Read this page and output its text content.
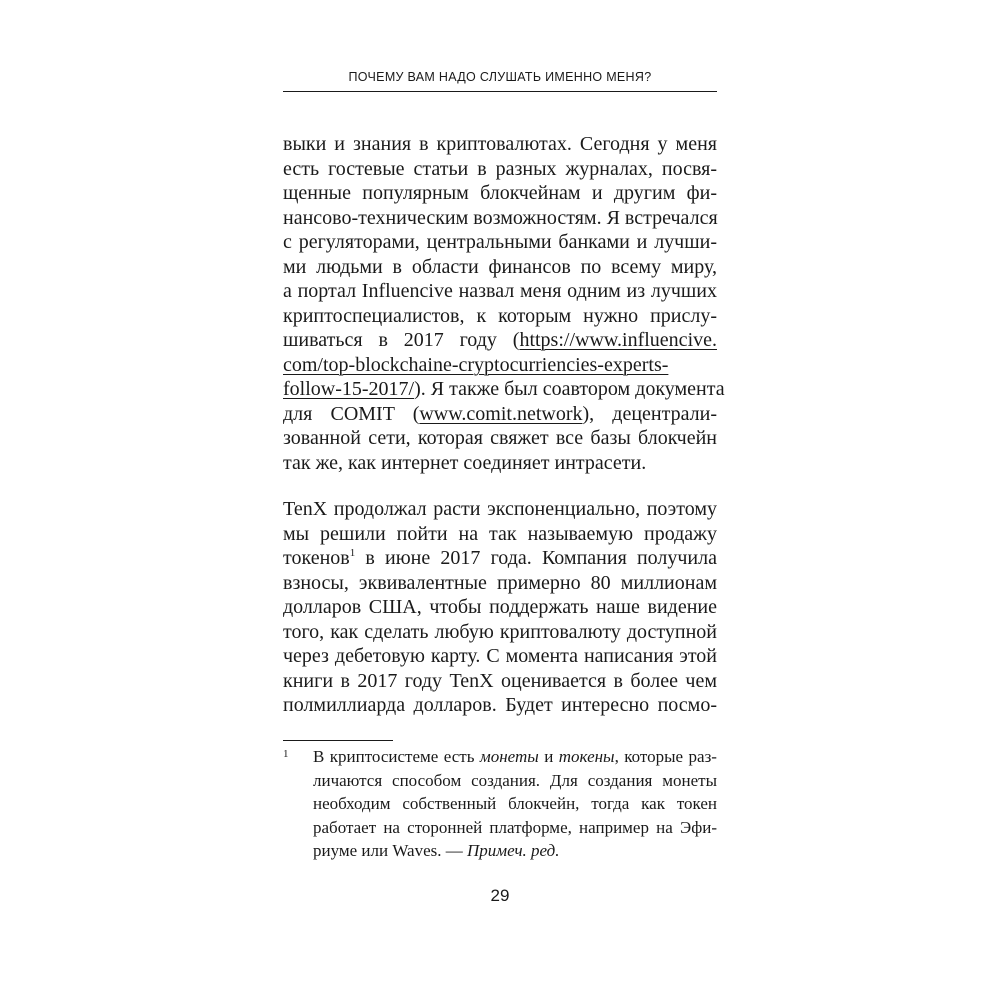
ПОЧЕМУ ВАМ НАДО СЛУШАТЬ ИМЕННО МЕНЯ?
выки и знания в криптовалютах. Сегодня у меня
есть гостевые статьи в разных журналах, посвя-
щенные популярным блокчейнам и другим фи-
нансово-техническим возможностям. Я встречался
с регуляторами, центральными банками и лучши-
ми людьми в области финансов по всему миру,
а портал Influencive назвал меня одним из лучших
криптоспециалистов, к которым нужно прислу-
шиваться в 2017 году (https://www.influencive.
com/top-blockchaine-cryptocurriencies-experts-
follow-15-2017/). Я также был соавтором документа
для COMIT (www.comit.network), децентрали-
зованной сети, которая свяжет все базы блокчейн
так же, как интернет соединяет интрасети.
TenX продолжал расти экспоненциально, поэтому
мы решили пойти на так называемую продажу
токенов$^1$ в июне 2017 года. Компания получила
взносы, эквивалентные примерно 80 миллионам
долларов США, чтобы поддержать наше видение
того, как сделать любую криптовалюту доступной
через дебетовую карту. С момента написания этой
книги в 2017 году TenX оценивается в более чем
полмиллиарда долларов. Будет интересно посмо-
1 В криптосистеме есть монеты и токены, которые раз-
личаются способом создания. Для создания монеты
необходим собственный блокчейн, тогда как токен
работает на сторонней платформе, например на Эфи-
риуме или Waves. — Примеч. ред.
29
